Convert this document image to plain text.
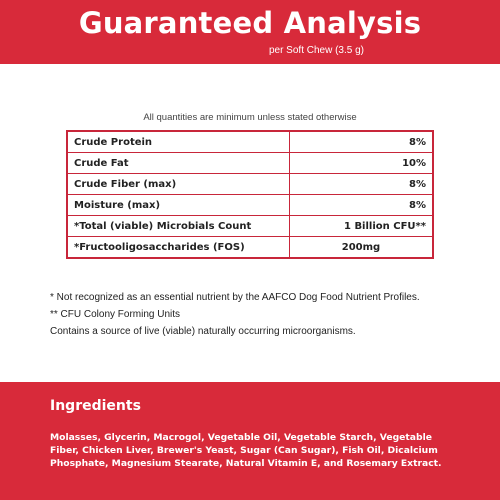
Guaranteed Analysis
per Soft Chew (3.5 g)
All quantities are minimum unless stated otherwise
Crude Protein	8%
Crude Fat	10%
Crude Fiber (max)	8%
Moisture (max)	8%
*Total (viable) Microbials Count	1 Billion CFU**
*Fructooligosaccharides (FOS)	200mg
* Not recognized as an essential nutrient by the AAFCO Dog Food Nutrient Profiles.
** CFU Colony Forming Units
Contains a source of live (viable) naturally occurring microorganisms.
Ingredients
Molasses, Glycerin, Macrogol, Vegetable Oil, Vegetable Starch, Vegetable Fiber, Chicken Liver, Brewer's Yeast, Sugar (Can Sugar), Fish Oil, Dicalcium Phosphate, Magnesium Stearate, Natural Vitamin E, and Rosemary Extract.
